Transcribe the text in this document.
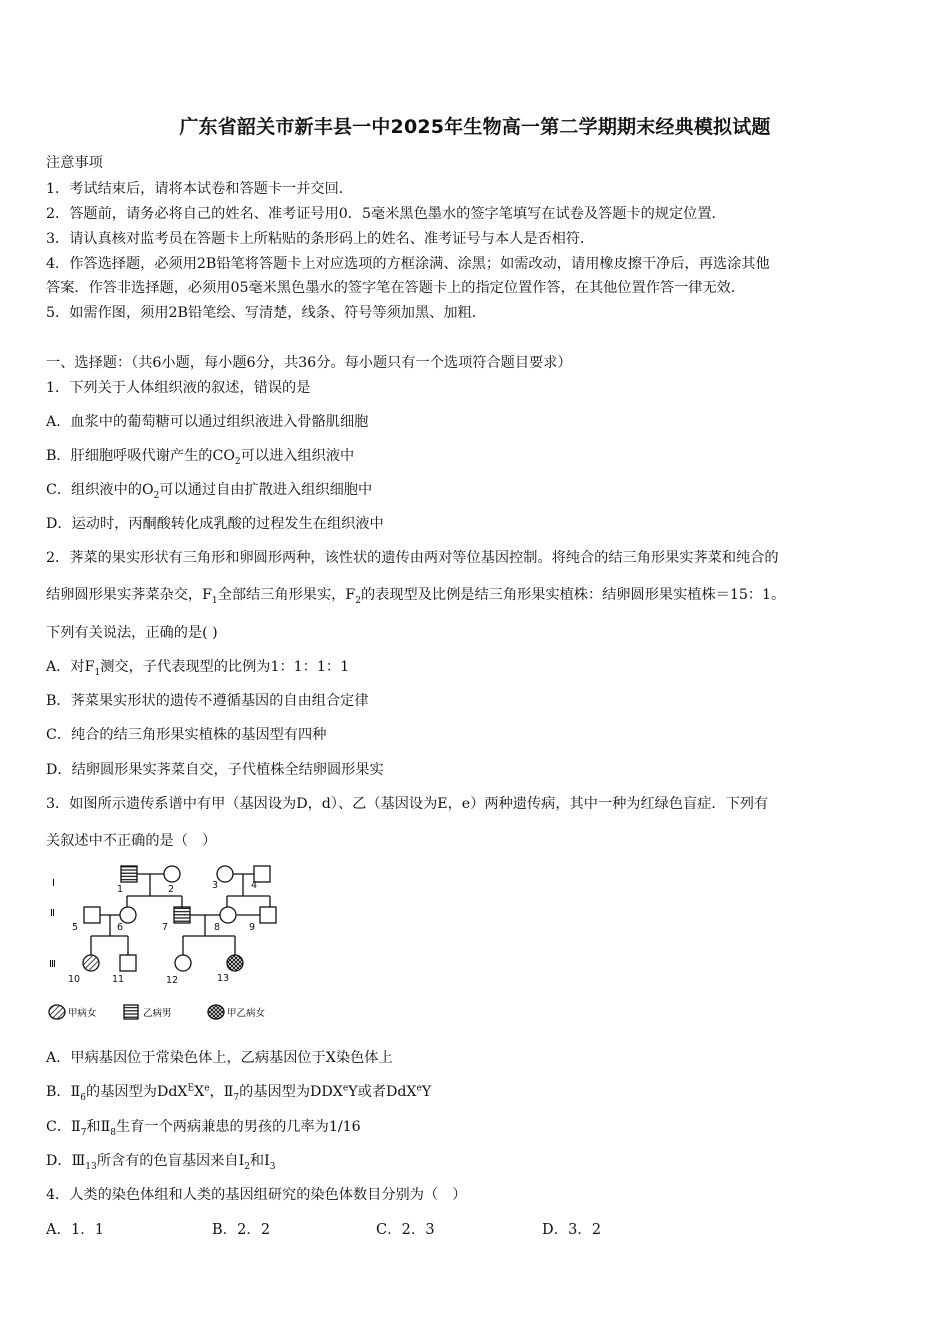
广东省韶关市新丰县一中2025年生物高一第二学期期末经典模拟试题
注意事项
1．考试结束后，请将本试卷和答题卡一并交回．
2．答题前，请务必将自己的姓名、准考证号用0．5毫米黑色墨水的签字笔填写在试卷及答题卡的规定位置．
3．请认真核对监考员在答题卡上所粘贴的条形码上的姓名、准考证号与本人是否相符．
4．作答选择题，必须用2B铅笔将答题卡上对应选项的方框涂满、涂黑；如需改动，请用橡皮擦干净后，再选涂其他
答案．作答非选择题，必须用05毫米黑色墨水的签字笔在答题卡上的指定位置作答，在其他位置作答一律无效．
5．如需作图，须用2B铅笔绘、写清楚，线条、符号等须加黑、加粗．
一、选择题：（共6小题，每小题6分，共36分。每小题只有一个选项符合题目要求）
1．下列关于人体组织液的叙述，错误的是
A．血浆中的葡萄糖可以通过组织液进入骨骼肌细胞
B．肝细胞呼吸代谢产生的$CO_2$可以进入组织液中
C．组织液中的$O_2$可以通过自由扩散进入组织细胞中
D．运动时，丙酮酸转化成乳酸的过程发生在组织液中
2．荠菜的果实形状有三角形和卵圆形两种，该性状的遗传由两对等位基因控制。将纯合的结三角形果实荠菜和纯合的
结卵圆形果实荠菜杂交，$F_1$全部结三角形果实，$F_2$的表现型及比例是结三角形果实植株：结卵圆形果实植株＝15：1。
下列有关说法，正确的是( )
A．对$F_1$测交，子代表现型的比例为1：1：1：1
B．荠菜果实形状的遗传不遵循基因的自由组合定律
C．纯合的结三角形果实植株的基因型有四种
D．结卵圆形果实荠菜自交，子代植株全结卵圆形果实
3．如图所示遗传系谱中有甲（基因设为D，d）、乙（基因设为E，e）两种遗传病，其中一种为红绿色盲症．下列有
关叙述中不正确的是（　）
Ⅰ
Ⅱ
Ⅲ
1	2	3	4
5	6	7	8	9
10	11	12	13
甲病女	乙病男	甲乙病女
A．甲病基因位于常染色体上，乙病基因位于X染色体上
B．$Ⅱ_6$的基因型为DdX$^E$Xe，$Ⅱ_7$的基因型为DDXeY或者DdX$^e$Y
C．$Ⅱ_7$和$Ⅱ_8$生育一个两病兼患的男孩的几率为1/16
D．$Ⅲ_{13}$所含有的色盲基因来自$I_2$和$I_3$
4．人类的染色体组和人类的基因组研究的染色体数目分别为（　）
A．1．1	B．2．2	C．2．3	D．3．2
